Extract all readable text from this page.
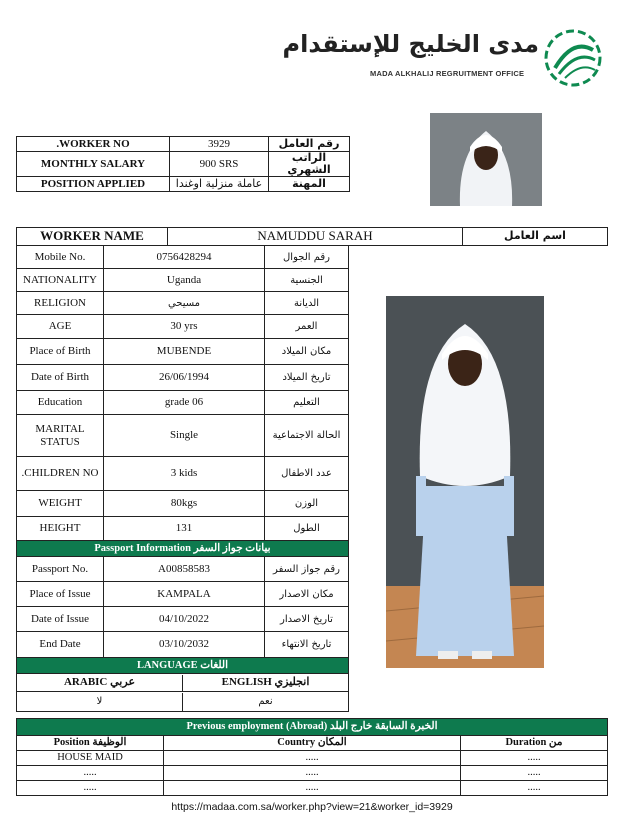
مدى الخليج للإستقدام
MADA ALKHALIJ REGRUITMENT OFFICE
.WORKER NO	3929	رقم العامل
MONTHLY SALARY	900 SRS	الراتب الشهري
POSITION APPLIED	عاملة منزلية اوغندا	المهنة
WORKER NAME	NAMUDDU SARAH	اسم العامل
Mobile No.	0756428294	رقم الجوال
NATIONALITY	Uganda	الجنسية
RELIGION	مسيحي	الديانة
AGE	30 yrs	العمر
Place of Birth	MUBENDE	مكان الميلاد
Date of Birth	26/06/1994	تاريخ الميلاد
Education	grade 06	التعليم
MARITAL STATUS	Single	الحالة الاجتماعية
.CHILDREN NO	3 kids	عدد الاطفال
WEIGHT	80kgs	الوزن
HEIGHT	131	الطول
Passport Information بيانات جواز السفر
Passport No.	A00858583	رقم جواز السفر
Place of Issue	KAMPALA	مكان الاصدار
Date of Issue	04/10/2022	تاريخ الاصدار
End Date	03/10/2032	تاريخ الانتهاء
LANGUAGE اللغات

ARABIC عربي	ENGLISH انجليزي

لا	نعم
Previous employment (Abroad) الخبرة السابقة خارج البلد		
Position الوظيفة	Country المكان	Duration من
HOUSE MAID	.....	.....
.....	.....	.....
.....	.....	.....
https://madaa.com.sa/worker.php?view=21&worker_id=3929
